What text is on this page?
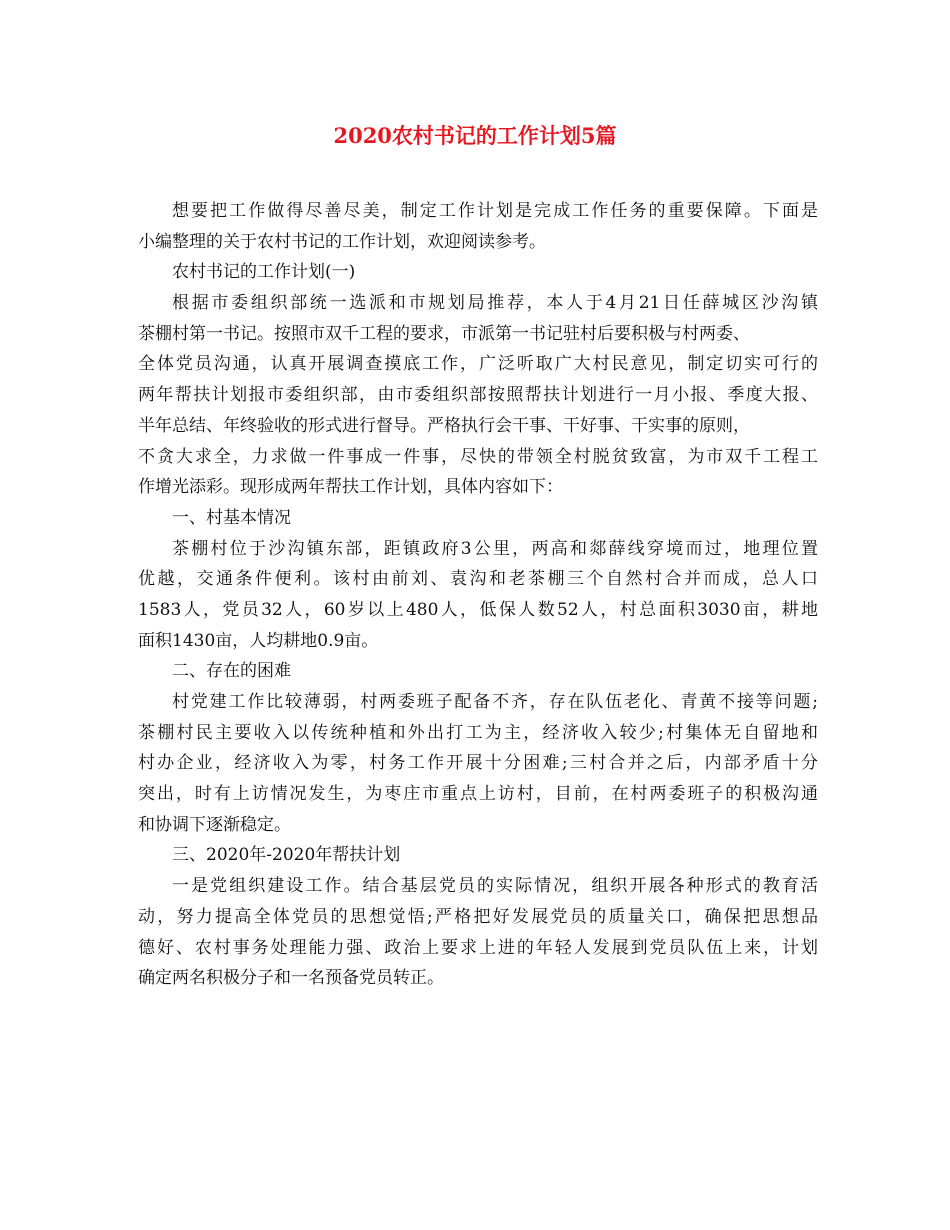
2020农村书记的工作计划5篇
想要把工作做得尽善尽美，制定工作计划是完成工作任务的重要保障。下面是
小编整理的关于农村书记的工作计划，欢迎阅读参考。
农村书记的工作计划(一)
根据市委组织部统一选派和市规划局推荐，本人于4月21日任薛城区沙沟镇
茶棚村第一书记。按照市双千工程的要求，市派第一书记驻村后要积极与村两委、
全体党员沟通，认真开展调查摸底工作，广泛听取广大村民意见，制定切实可行的
两年帮扶计划报市委组织部，由市委组织部按照帮扶计划进行一月小报、季度大报、
半年总结、年终验收的形式进行督导。严格执行会干事、干好事、干实事的原则，
不贪大求全，力求做一件事成一件事，尽快的带领全村脱贫致富，为市双千工程工
作增光添彩。现形成两年帮扶工作计划，具体内容如下：
一、村基本情况
茶棚村位于沙沟镇东部，距镇政府3公里，两高和郯薛线穿境而过，地理位置
优越，交通条件便利。该村由前刘、袁沟和老茶棚三个自然村合并而成，总人口
1583人，党员32人，60岁以上480人，低保人数52人，村总面积3030亩，耕地
面积1430亩，人均耕地0.9亩。
二、存在的困难
村党建工作比较薄弱，村两委班子配备不齐，存在队伍老化、青黄不接等问题;
茶棚村民主要收入以传统种植和外出打工为主，经济收入较少;村集体无自留地和
村办企业，经济收入为零，村务工作开展十分困难;三村合并之后，内部矛盾十分
突出，时有上访情况发生，为枣庄市重点上访村，目前，在村两委班子的积极沟通
和协调下逐渐稳定。
三、2020年-2020年帮扶计划
一是党组织建设工作。结合基层党员的实际情况，组织开展各种形式的教育活
动，努力提高全体党员的思想觉悟;严格把好发展党员的质量关口，确保把思想品
德好、农村事务处理能力强、政治上要求上进的年轻人发展到党员队伍上来，计划
确定两名积极分子和一名预备党员转正。
